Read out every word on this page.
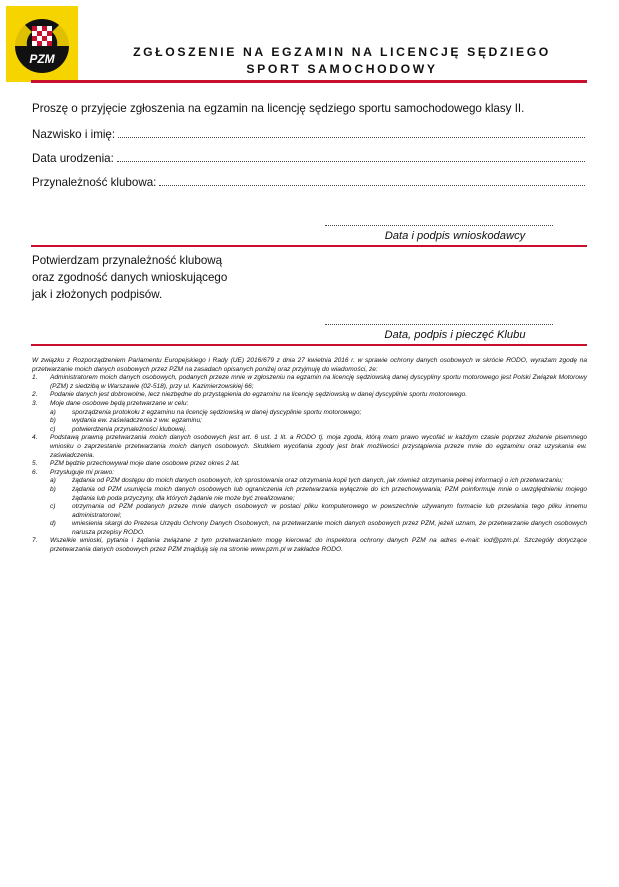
PZM	ZGŁOSZENIE NA EGZAMIN NA LICENCJĘ SĘDZIEGO
SPORT SAMOCHODOWY
Proszę o przyjęcie zgłoszenia na egzamin na licencję sędziego sportu samochodowego klasy II.
Nazwisko i imię:
Data urodzenia:
Przynależność klubowa:
Data i podpis wnioskodawcy
Potwierdzam przynależność klubową
oraz zgodność danych wnioskującego
jak i złożonych podpisów.
Data, podpis i pieczęć Klubu

W związku z Rozporządzeniem Parlamentu Europejskiego i Rady (UE) 2016/679 z dnia 27 kwietnia 2016 r. w sprawie ochrony danych osobowych w skrócie RODO, wyrażam zgodę na przetwarzanie moich danych osobowych przez PZM na zasadach opisanych poniżej oraz przyjmuję do wiadomości, że:

1.	Administratorem moich danych osobowych, podanych przeze mnie w zgłoszeniu na egzamin na licencję sędziowską danej dyscypliny sportu motorowego jest Polski Związek Motorowy (PZM) z siedzibą w Warszawie (02-518), przy ul. Kazimierzowskiej 66;
2.	Podanie danych jest dobrowolne, lecz niezbędne do przystąpienia do egzaminu na licencję sędziowską w danej dyscyplinie sportu motorowego.
3.	Moje dane osobowe będą przetwarzane w celu:
a)	sporządzenia protokołu z egzaminu na licencję sędziowską w danej dyscyplinie sportu motorowego;
b)	wydania ew. zaświadczenia z ww. egzaminu;
c)	potwierdzenia przynależności klubowej.
4.	Podstawą prawną przetwarzania moich danych osobowych jest art. 6 ust. 1 lit. a RODO tj. moja zgoda, którą mam prawo wycofać w każdym czasie poprzez złożenie pisemnego wniosku o zaprzestanie przetwarzania moich danych osobowych. Skutkiem wycofania zgody jest brak możliwości przystąpienia przeze mnie do egzaminu oraz uzyskania ew. zaświadczenia.
5.	PZM będzie przechowywał moje dane osobowe przez okres 2 lat.
6.	Przysługuje mi prawo:
a)	żądania od PZM dostępu do moich danych osobowych, ich sprostowania oraz otrzymania kopii tych danych, jak również otrzymania pełnej informacji o ich przetwarzaniu;
b)	żądania od PZM usunięcia moich danych osobowych lub ograniczenia ich przetwarzania wyłącznie do ich przechowywania; PZM poinformuje mnie o uwzględnieniu mojego żądania lub poda przyczyny, dla których żądanie nie może być zrealizowane;
c)	otrzymania od PZM podanych przeze mnie danych osobowych w postaci pliku komputerowego w powszechnie używanym formacie lub przesłania tego pliku innemu administratorowi;
d)	wniesienia skargi do Prezesa Urzędu Ochrony Danych Osobowych, na przetwarzanie moich danych osobowych przez PZM, jeżeli uznam, że przetwarzanie danych osobowych narusza przepisy RODO.
7.	Wszelkie wnioski, pytania i żądania związane z tym przetwarzaniem mogę kierować do inspektora ochrony danych PZM na adres e-mail: iod@pzm.pl. Szczegóły dotyczące przetwarzania danych osobowych przez PZM znajdują się na stronie www.pzm.pl w zakładce RODO.
